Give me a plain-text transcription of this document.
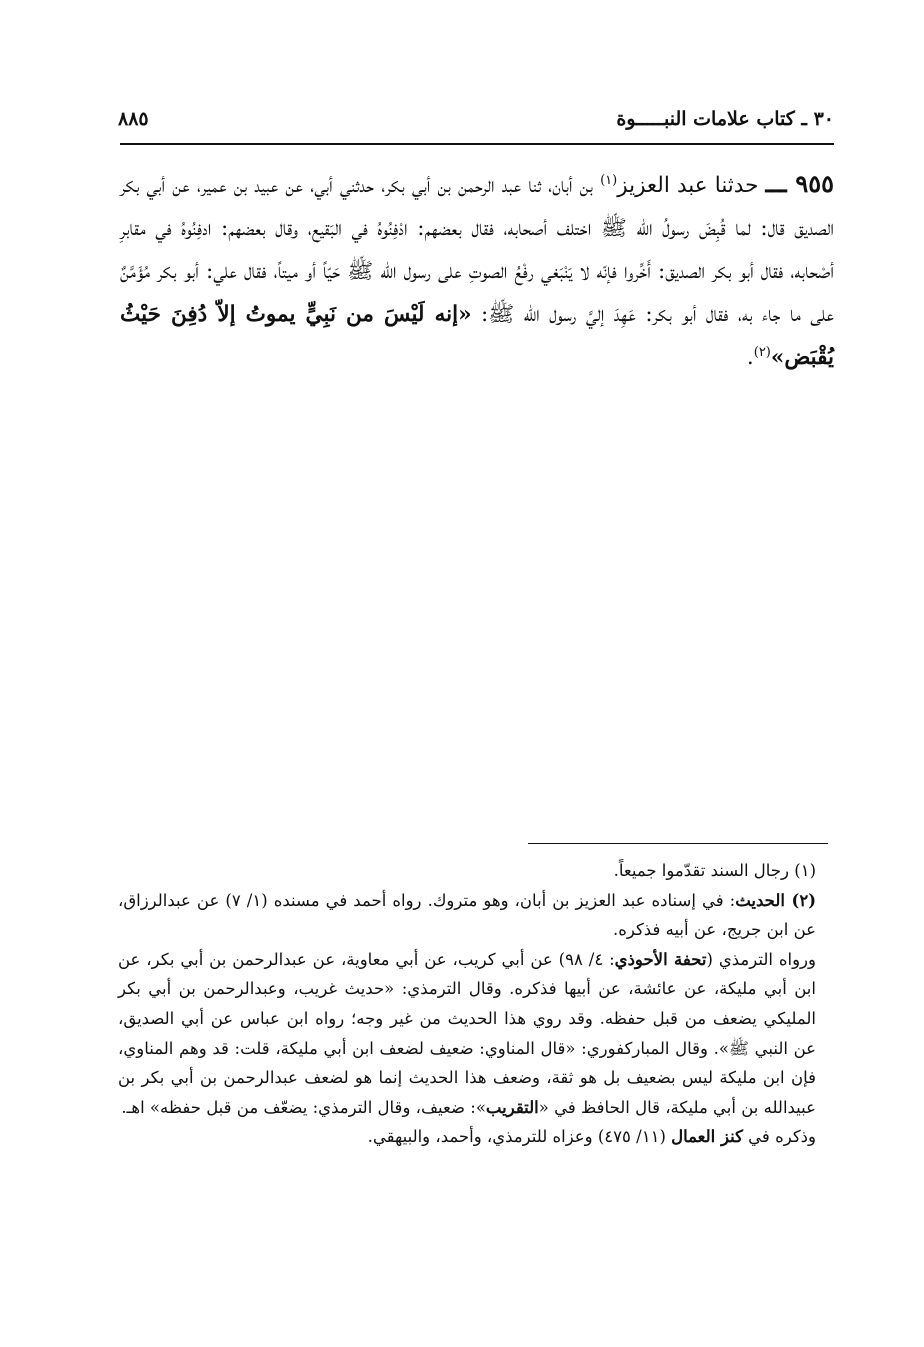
٣٠ ـ كتاب علامات النبـــــوة
٨٨٥

٩٥٥ ـــ حدثنا عبد العزيز$^{(١)}$ بن أبان، ثنا عبد الرحمن بن أبي بكر، حدثني أبي، عن عبيد بن عمير، عن أبي بكر الصديق قال: لما قُبِضَ رسولُ الله ﷺ اختلف أصحابه، فقال بعضهم: ادْفِنُوهُ في البَقيع، وقال بعضهم: ادفِنُوهُ في مقابرِ أصْحابه، فقال أبو بكر الصديق: أَخِّروا فإنّه لا يَنْبَغي رفْعُ الصوتِ على رسول الله ﷺ حَيّاً أو ميتاً، فقال علي: أبو بكر مُؤَمَّنٌ على ما جاء به، فقال أبو بكر: عَهِدَ إليَّ رسول الله ﷺ: «إنه لَيْسَ من نَبِيٍّ يموتُ إلاّ دُفِنَ حَيْثُ يُقْبَض»$^{(٢)}$.

(١) رجال السند تقدّموا جميعاً.

(٢) الحديث: في إسناده عبد العزيز بن أبان، وهو متروك. رواه أحمد في مسنده (١/ ٧) عن عبدالرزاق، عن ابن جريج، عن أبيه فذكره.

ورواه الترمذي (تحفة الأحوذي: ٤/ ٩٨) عن أبي كريب، عن أبي معاوية، عن عبدالرحمن بن أبي بكر، عن ابن أبي مليكة، عن عائشة، عن أبيها فذكره. وقال الترمذي: «حديث غريب، وعبدالرحمن بن أبي بكر المليكي يضعف من قبل حفظه. وقد روي هذا الحديث من غير وجه؛ رواه ابن عباس عن أبي الصديق، عن النبي ﷺ». وقال المباركفوري: «قال المناوي: ضعيف لضعف ابن أبي مليكة، قلت: قد وهم المناوي، فإن ابن مليكة ليس بضعيف بل هو ثقة، وضعف هذا الحديث إنما هو لضعف عبدالرحمن بن أبي بكر بن عبيدالله بن أبي مليكة، قال الحافظ في «التقريب»: ضعيف، وقال الترمذي: يضعّف من قبل حفظه» اهـ.

وذكره في كنز العمال (١١/ ٤٧٥) وعزاه للترمذي، وأحمد، والبيهقي.
